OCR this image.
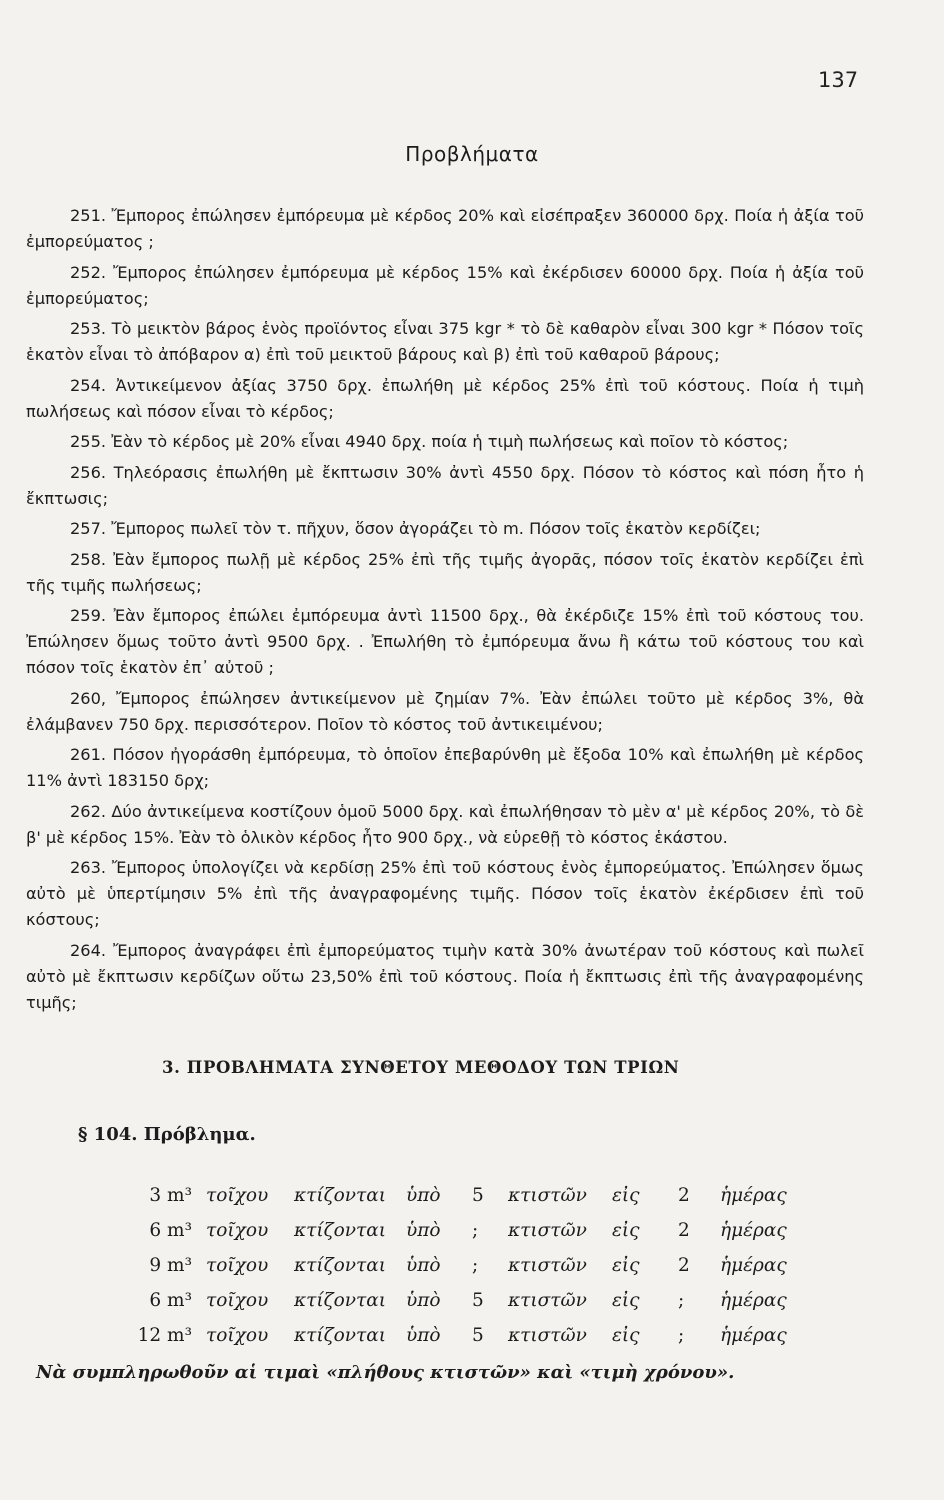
137
Προβλήματα

251. Ἔμπορος ἐπώλησεν ἐμπόρευμα μὲ κέρδος 20% καὶ εἰσέπραξεν 360000 δρχ. Ποία ἡ ἀξία τοῦ ἐμπορεύματος ;

252. Ἔμπορος ἐπώλησεν ἐμπόρευμα μὲ κέρδος 15% καὶ ἐκέρδισεν 60000 δρχ. Ποία ἡ ἀξία τοῦ ἐμπορεύματος;

253. Τὸ μεικτὸν βάρος ἑνὸς προϊόντος εἶναι 375 kgr * τὸ δὲ καθαρὸν εἶναι 300 kgr * Πόσον τοῖς ἑκατὸν εἶναι τὸ ἀπόβαρον α) ἐπὶ τοῦ μεικτοῦ βάρους καὶ β) ἐπὶ τοῦ καθαροῦ βάρους;

254. Ἀντικείμενον ἀξίας 3750 δρχ. ἐπωλήθη μὲ κέρδος 25% ἐπὶ τοῦ κόστους. Ποία ἡ τιμὴ πωλήσεως καὶ πόσον εἶναι τὸ κέρδος;

255. Ἐὰν τὸ κέρδος μὲ 20% εἶναι 4940 δρχ. ποία ἡ τιμὴ πωλήσεως καὶ ποῖον τὸ κόστος;

256. Τηλεόρασις ἐπωλήθη μὲ ἔκπτωσιν 30% ἀντὶ 4550 δρχ. Πόσον τὸ κόστος καὶ πόση ἦτο ἡ ἔκπτωσις;

257. Ἔμπορος πωλεῖ τὸν τ. πῆχυν, ὅσον ἀγοράζει τὸ m. Πόσον τοῖς ἑκατὸν κερδίζει;

258. Ἐὰν ἔμπορος πωλῇ μὲ κέρδος 25% ἐπὶ τῆς τιμῆς ἀγορᾶς, πόσον τοῖς ἑκατὸν κερδίζει ἐπὶ τῆς τιμῆς πωλήσεως;

259. Ἐὰν ἔμπορος ἐπώλει ἐμπόρευμα ἀντὶ 11500 δρχ., θὰ ἐκέρδιζε 15% ἐπὶ τοῦ κόστους του. Ἐπώλησεν ὅμως τοῦτο ἀντὶ 9500 δρχ. . Ἐπωλήθη τὸ ἐμπόρευμα ἄνω ἢ κάτω τοῦ κόστους του καὶ πόσον τοῖς ἑκατὸν ἐπ᾽ αὐτοῦ ;

260, Ἔμπορος ἐπώλησεν ἀντικείμενον μὲ ζημίαν 7%. Ἐὰν ἐπώλει τοῦτο μὲ κέρδος 3%, θὰ ἐλάμβανεν 750 δρχ. περισσότερον. Ποῖον τὸ κόστος τοῦ ἀντικειμένου;

261. Πόσον ἠγοράσθη ἐμπόρευμα, τὸ ὁποῖον ἐπεβαρύνθη μὲ ἔξοδα 10% καὶ ἐπωλήθη μὲ κέρδος 11% ἀντὶ 183150 δρχ;

262. Δύο ἀντικείμενα κοστίζουν ὁμοῦ 5000 δρχ. καὶ ἐπωλήθησαν τὸ μὲν α' μὲ κέρδος 20%, τὸ δὲ β' μὲ κέρδος 15%. Ἐὰν τὸ ὁλικὸν κέρδος ἦτο 900 δρχ., νὰ εὑρεθῇ τὸ κόστος ἑκάστου.

263. Ἔμπορος ὑπολογίζει νὰ κερδίσῃ 25% ἐπὶ τοῦ κόστους ἑνὸς ἐμπορεύματος. Ἐπώλησεν ὅμως αὐτὸ μὲ ὑπερτίμησιν 5% ἐπὶ τῆς ἀναγραφομένης τιμῆς. Πόσον τοῖς ἑκατὸν ἐκέρδισεν ἐπὶ τοῦ κόστους;

264. Ἔμπορος ἀναγράφει ἐπὶ ἐμπορεύματος τιμὴν κατὰ 30% ἀνωτέραν τοῦ κόστους καὶ πωλεῖ αὐτὸ μὲ ἔκπτωσιν κερδίζων οὕτω 23,50% ἐπὶ τοῦ κόστους. Ποία ἡ ἔκπτωσις ἐπὶ τῆς ἀναγραφομένης τιμῆς;

3. ΠΡΟΒΛΗΜΑΤΑ ΣΥΝΘΕΤΟΥ ΜΕΘΟΔΟΥ ΤΩΝ ΤΡΙΩΝ
§ 104. Πρόβλημα.
3 m³	τοῖχου	κτίζονται	ὑπὸ	5	κτιστῶν	εἰς	2	ἡμέρας
6 m³	τοῖχου	κτίζονται	ὑπὸ	;	κτιστῶν	εἰς	2	ἡμέρας
9 m³	τοῖχου	κτίζονται	ὑπὸ	;	κτιστῶν	εἰς	2	ἡμέρας
6 m³	τοῖχου	κτίζονται	ὑπὸ	5	κτιστῶν	εἰς	;	ἡμέρας
12 m³	τοῖχου	κτίζονται	ὑπὸ	5	κτιστῶν	εἰς	;	ἡμέρας
Νὰ συμπληρωθοῦν αἱ τιμαὶ «πλήθους κτιστῶν» καὶ «τιμὴ χρόνου».
